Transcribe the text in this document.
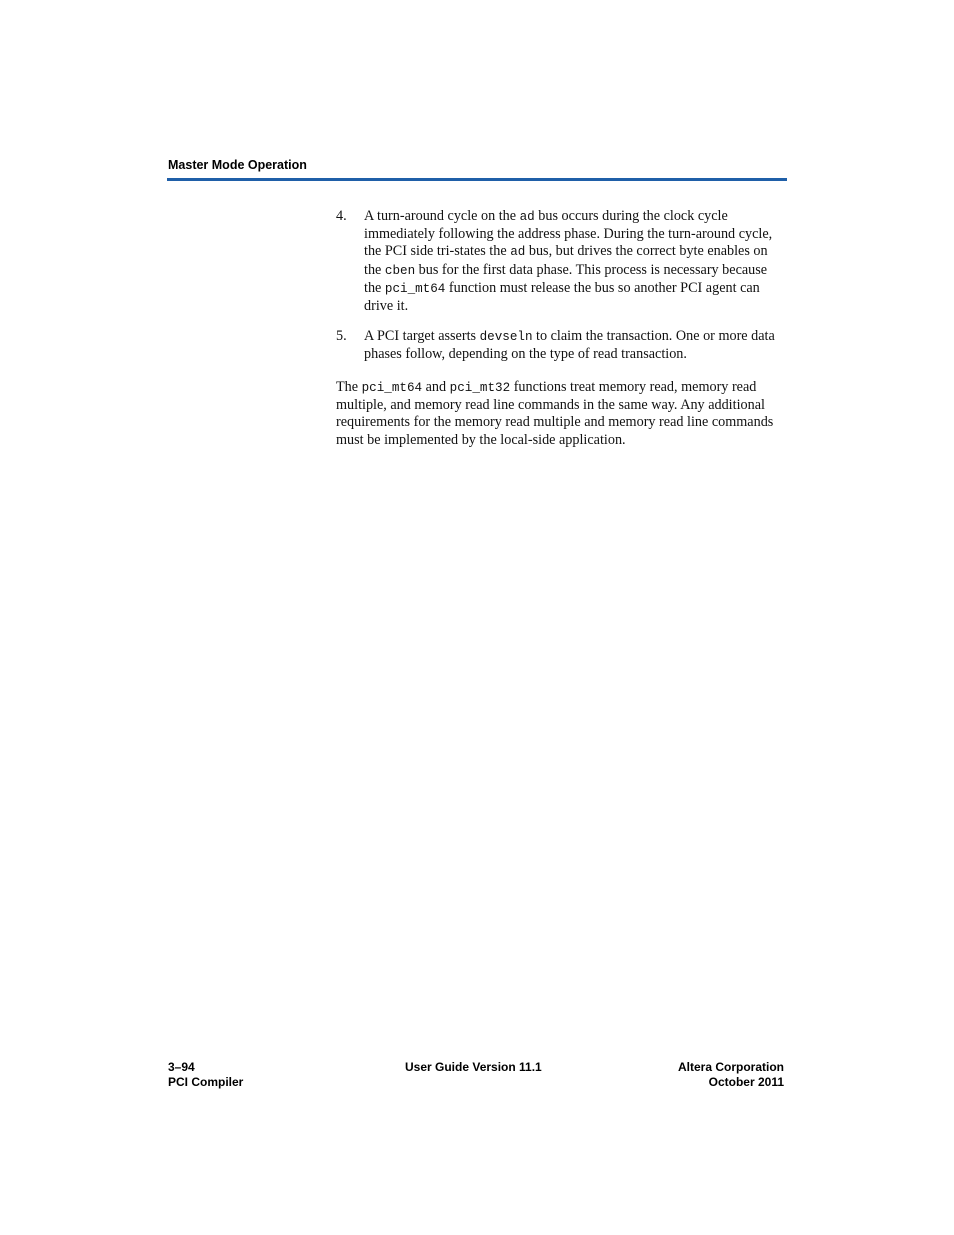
Master Mode Operation
4. A turn-around cycle on the ad bus occurs during the clock cycle immediately following the address phase. During the turn-around cycle, the PCI side tri-states the ad bus, but drives the correct byte enables on the cben bus for the first data phase. This process is necessary because the pci_mt64 function must release the bus so another PCI agent can drive it.
5. A PCI target asserts devseln to claim the transaction. One or more data phases follow, depending on the type of read transaction.
The pci_mt64 and pci_mt32 functions treat memory read, memory read multiple, and memory read line commands in the same way. Any additional requirements for the memory read multiple and memory read line commands must be implemented by the local-side application.
3–94
PCI Compiler
User Guide Version 11.1	Altera Corporation
October 2011
